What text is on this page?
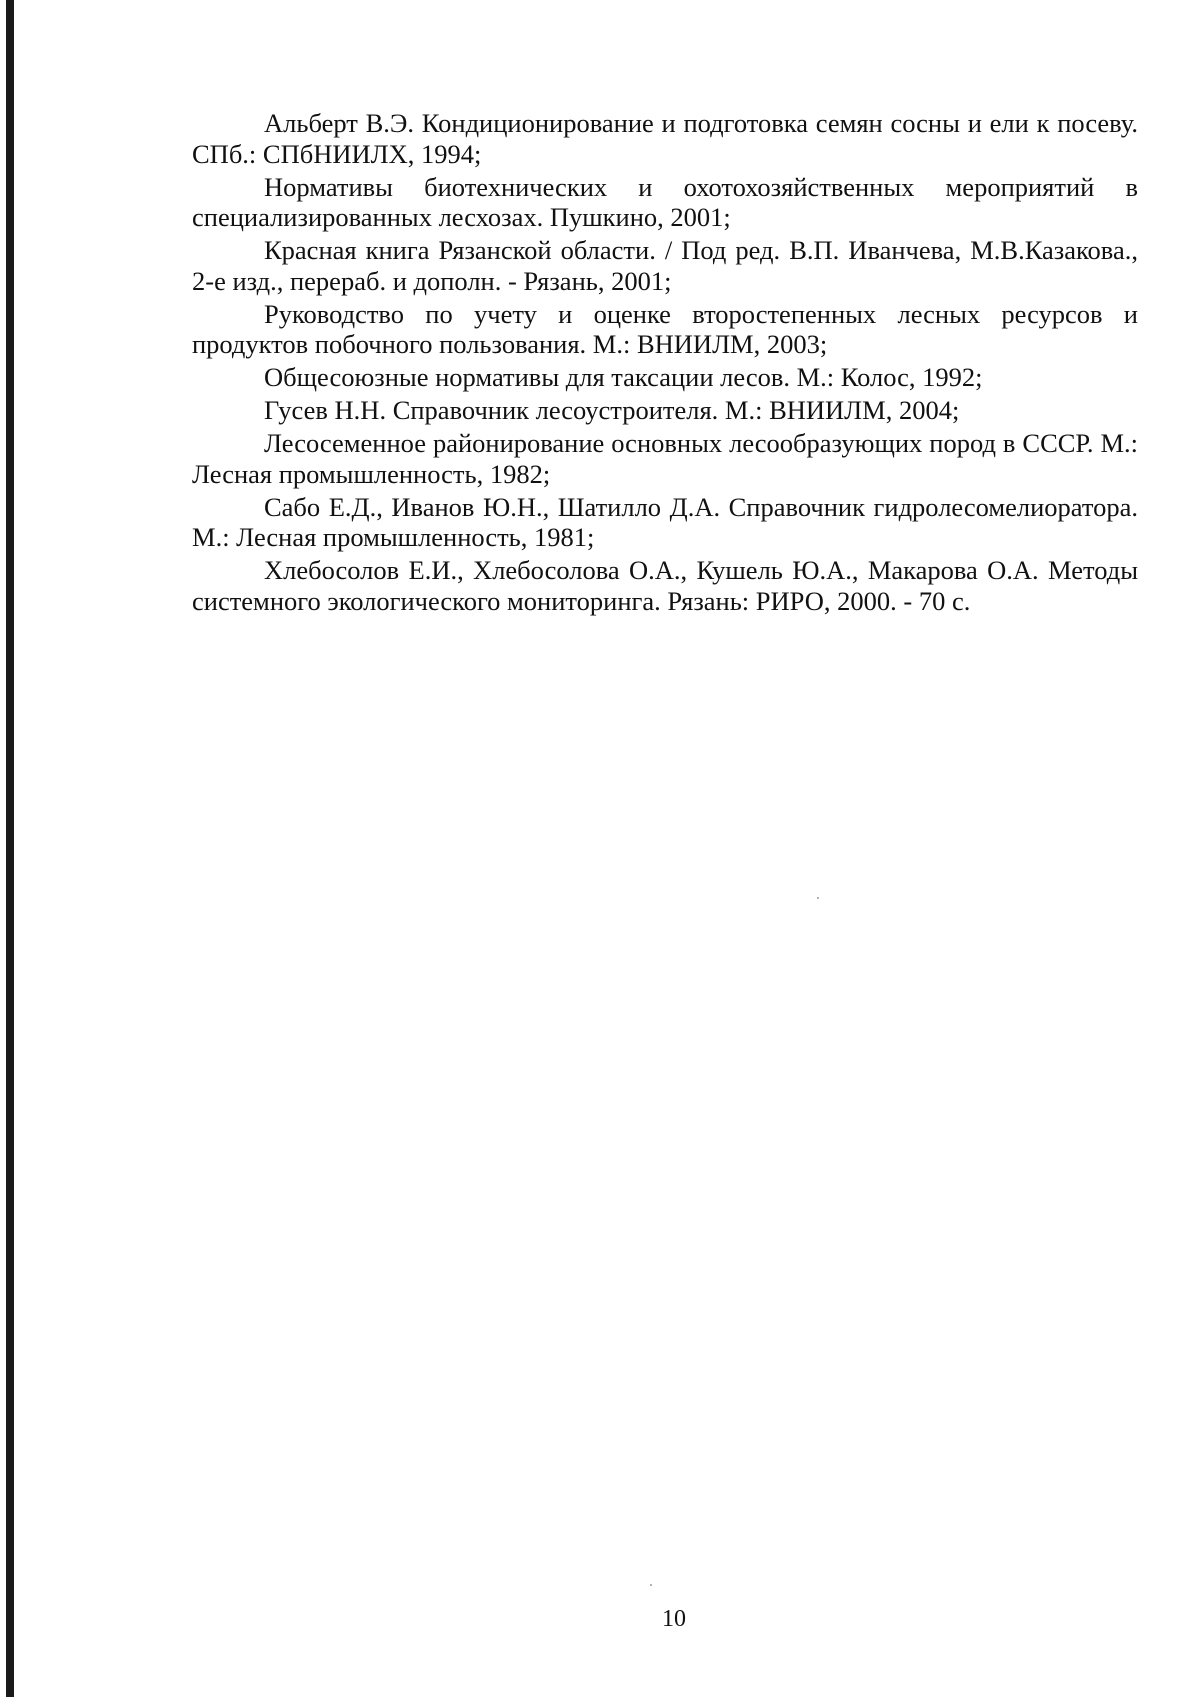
Альберт В.Э. Кондиционирование и подготовка семян сосны и ели к посеву. СПб.: СПбНИИЛХ, 1994;

Нормативы биотехнических и охотохозяйственных мероприятий в специализированных лесхозах. Пушкино, 2001;

Красная книга Рязанской области. / Под ред. В.П. Иванчева, М.В.Казакова., 2-е изд., перераб. и дополн. - Рязань, 2001;

Руководство по учету и оценке второстепенных лесных ресурсов и продуктов побочного пользования. М.: ВНИИЛМ, 2003;

Общесоюзные нормативы для таксации лесов. М.: Колос, 1992;

Гусев Н.Н. Справочник лесоустроителя. М.: ВНИИЛМ, 2004;

Лесосеменное районирование основных лесообразующих пород в СССР. М.: Лесная промышленность, 1982;

Сабо Е.Д., Иванов Ю.Н., Шатилло Д.А. Справочник гидролесомелиоратора. М.: Лесная промышленность, 1981;

Хлебосолов Е.И., Хлебосолова О.А., Кушель Ю.А., Макарова О.А. Методы системного экологического мониторинга. Рязань: РИРО, 2000. - 70 с.

10
